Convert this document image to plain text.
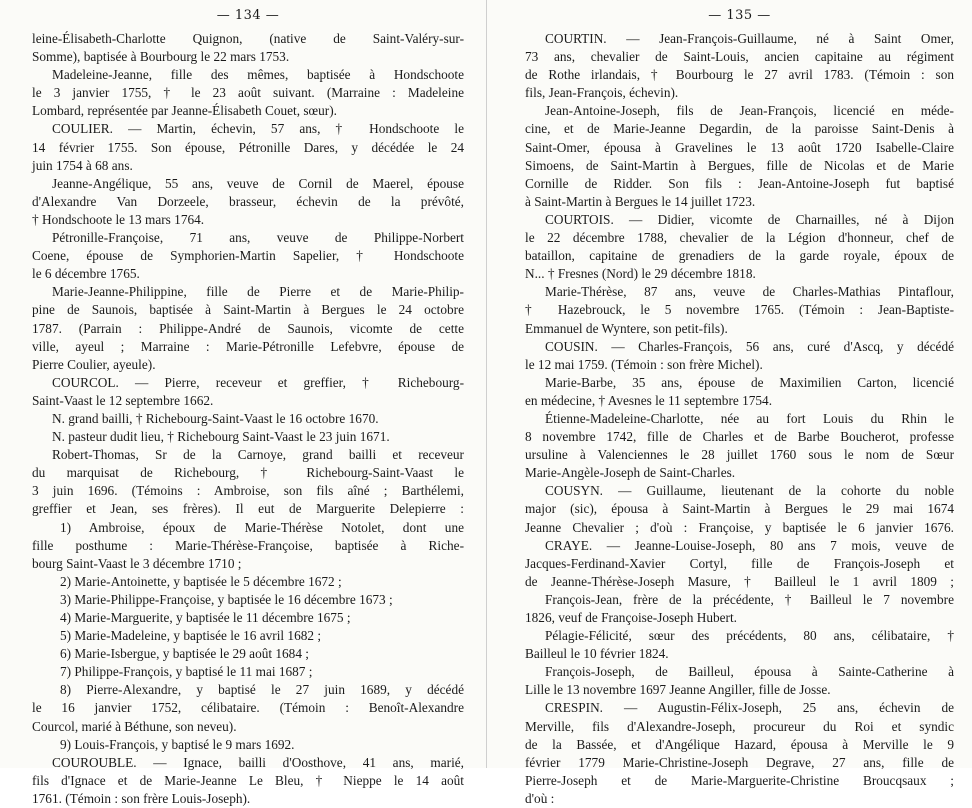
— 134 —
leine-Élisabeth-Charlotte Quignon, (native de Saint-Valéry-sur-
Somme), baptisée à Bourbourg le 22 mars 1753.
Madeleine-Jeanne, fille des mêmes, baptisée à Hondschoote
le 3 janvier 1755, † le 23 août suivant. (Marraine : Madeleine
Lombard, représentée par Jeanne-Élisabeth Couet, sœur).
COULIER. — Martin, échevin, 57 ans, † Hondschoote le
14 février 1755. Son épouse, Pétronille Dares, y décédée le 24
juin 1754 à 68 ans.
Jeanne-Angélique, 55 ans, veuve de Cornil de Maerel, épouse
d'Alexandre Van Dorzeele, brasseur, échevin de la prévôté,
† Hondschoote le 13 mars 1764.
Pétronille-Françoise, 71 ans, veuve de Philippe-Norbert
Coene, épouse de Symphorien-Martin Sapelier, † Hondschoote
le 6 décembre 1765.
Marie-Jeanne-Philippine, fille de Pierre et de Marie-Philip-
pine de Saunois, baptisée à Saint-Martin à Bergues le 24 octobre
1787. (Parrain : Philippe-André de Saunois, vicomte de cette
ville, ayeul ; Marraine : Marie-Pétronille Lefebvre, épouse de
Pierre Coulier, ayeule).
COURCOL. — Pierre, receveur et greffier, † Richebourg-
Saint-Vaast le 12 septembre 1662.
N. grand bailli, † Richebourg-Saint-Vaast le 16 octobre 1670.
N. pasteur dudit lieu, † Richebourg Saint-Vaast le 23 juin 1671.
Robert-Thomas, Sr de la Carnoye, grand bailli et receveur
du marquisat de Richebourg, † Richebourg-Saint-Vaast le
3 juin 1696. (Témoins : Ambroise, son fils aîné ; Barthélemi,
greffier et Jean, ses frères). Il eut de Marguerite Delepierre :
1) Ambroise, époux de Marie-Thérèse Notolet, dont une
fille posthume : Marie-Thérèse-Françoise, baptisée à Riche-
bourg Saint-Vaast le 3 décembre 1710 ;
2) Marie-Antoinette, y baptisée le 5 décembre 1672 ;
3) Marie-Philippe-Françoise, y baptisée le 16 décembre 1673 ;
4) Marie-Marguerite, y baptisée le 11 décembre 1675 ;
5) Marie-Madeleine, y baptisée le 16 avril 1682 ;
6) Marie-Isbergue, y baptisée le 29 août 1684 ;
7) Philippe-François, y baptisé le 11 mai 1687 ;
8) Pierre-Alexandre, y baptisé le 27 juin 1689, y décédé
le 16 janvier 1752, célibataire. (Témoin : Benoît-Alexandre
Courcol, marié à Béthune, son neveu).
9) Louis-François, y baptisé le 9 mars 1692.
COUROUBLE. — Ignace, bailli d'Oosthove, 41 ans, marié,
fils d'Ignace et de Marie-Jeanne Le Bleu, † Nieppe le 14 août
1761. (Témoin : son frère Louis-Joseph).
— 135 —
COURTIN. — Jean-François-Guillaume, né à Saint Omer,
73 ans, chevalier de Saint-Louis, ancien capitaine au régiment
de Rothe irlandais, † Bourbourg le 27 avril 1783. (Témoin : son
fils, Jean-François, échevin).
Jean-Antoine-Joseph, fils de Jean-François, licencié en méde-
cine, et de Marie-Jeanne Degardin, de la paroisse Saint-Denis à
Saint-Omer, épousa à Gravelines le 13 août 1720 Isabelle-Claire
Simoens, de Saint-Martin à Bergues, fille de Nicolas et de Marie
Cornille de Ridder. Son fils : Jean-Antoine-Joseph fut baptisé
à Saint-Martin à Bergues le 14 juillet 1723.
COURTOIS. — Didier, vicomte de Charnailles, né à Dijon
le 22 décembre 1788, chevalier de la Légion d'honneur, chef de
bataillon, capitaine de grenadiers de la garde royale, époux de
N... † Fresnes (Nord) le 29 décembre 1818.
Marie-Thérèse, 87 ans, veuve de Charles-Mathias Pintaflour,
† Hazebrouck, le 5 novembre 1765. (Témoin : Jean-Baptiste-
Emmanuel de Wyntere, son petit-fils).
COUSIN. — Charles-François, 56 ans, curé d'Ascq, y décédé
le 12 mai 1759. (Témoin : son frère Michel).
Marie-Barbe, 35 ans, épouse de Maximilien Carton, licencié
en médecine, † Avesnes le 11 septembre 1754.
Étienne-Madeleine-Charlotte, née au fort Louis du Rhin le
8 novembre 1742, fille de Charles et de Barbe Boucherot, professe
ursuline à Valenciennes le 28 juillet 1760 sous le nom de Sœur
Marie-Angèle-Joseph de Saint-Charles.
COUSYN. — Guillaume, lieutenant de la cohorte du noble
major (sic), épousa à Saint-Martin à Bergues le 29 mai 1674
Jeanne Chevalier ; d'où : Françoise, y baptisée le 6 janvier 1676.
CRAYE. — Jeanne-Louise-Joseph, 80 ans 7 mois, veuve de
Jacques-Ferdinand-Xavier Cortyl, fille de François-Joseph et
de Jeanne-Thérèse-Joseph Masure, † Bailleul le 1 avril 1809 ;
François-Jean, frère de la précédente, † Bailleul le 7 novembre
1826, veuf de Françoise-Joseph Hubert.
Pélagie-Félicité, sœur des précédents, 80 ans, célibataire, †
Bailleul le 10 février 1824.
François-Joseph, de Bailleul, épousa à Sainte-Catherine à
Lille le 13 novembre 1697 Jeanne Angiller, fille de Josse.
CRESPIN. — Augustin-Félix-Joseph, 25 ans, échevin de
Merville, fils d'Alexandre-Joseph, procureur du Roi et syndic
de la Bassée, et d'Angélique Hazard, épousa à Merville le 9
février 1779 Marie-Christine-Joseph Degrave, 27 ans, fille de
Pierre-Joseph et de Marie-Marguerite-Christine Broucqsaux ;
d'où :
